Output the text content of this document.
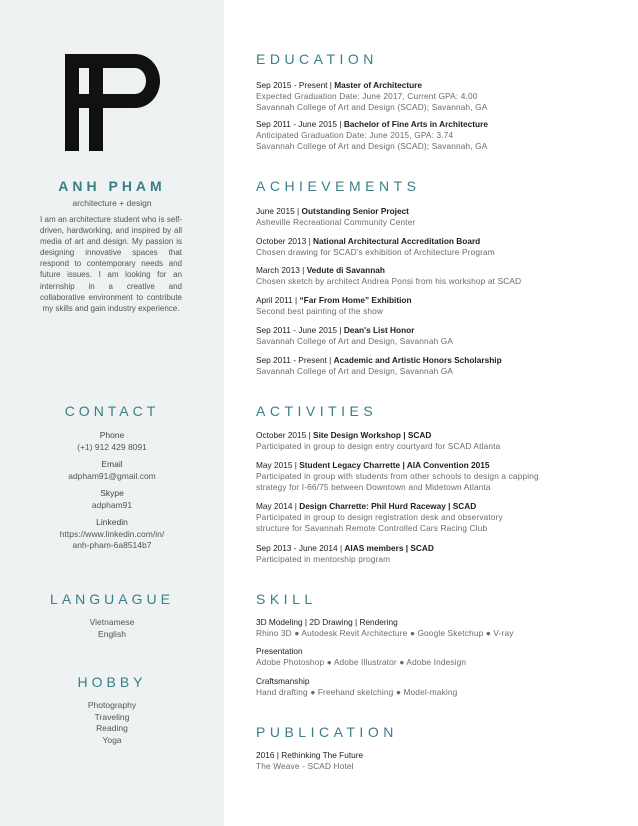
ANH PHAM
architecture + design
I am an architecture student who is self-driven, hardworking, and inspired by all media of art and design. My passion is designing innovative spaces that respond to contemporary needs and future issues. I am looking for an internship in a creative and collaborative environment to contribute my skills and gain industry experience.
CONTACT
Phone
(+1) 912 429 8091
Email
adpham91@gmail.com
Skype
adpham91
Linkedin
https://www.linkedin.com/in/
anh-pham-6a8514b7
LANGUAGUE
Vietnamese
English
HOBBY
Photography
Traveling
Reading
Yoga
EDUCATION
Sep 2015 - Present | Master of Architecture
Expected Graduation Date: June 2017, Current GPA: 4.00
Savannah College of Art and Design (SCAD); Savannah, GA
Sep 2011 - June 2015 | Bachelor of Fine Arts in Architecture
Anticipated Graduation Date: June 2015, GPA: 3.74
Savannah College of Art and Design (SCAD); Savannah, GA
ACHIEVEMENTS
June 2015 | Outstanding Senior Project
Asheville Recreational Community Center
October 2013 | National Architectural Accreditation Board
Chosen drawing for SCAD's exhibition of Architecture Program
March 2013 | Vedute di Savannah
Chosen sketch by architect Andrea Ponsi from his workshop at SCAD
April 2011 | “Far From Home” Exhibition
Second best painting of the show
Sep 2011 - June 2015 | Dean's List Honor
Savannah College of Art and Design, Savannah GA
Sep 2011 - Present | Academic and Artistic Honors Scholarship
Savannah College of Art and Design, Savannah GA
ACTIVITIES
October 2015 | Site Design Workshop | SCAD
Participated in group to design entry courtyard for SCAD Atlanta
May 2015 | Student Legacy Charrette | AIA Convention 2015
Participated in group with students from other schools to design a capping
strategy for I-66/75 between Downtown and Midetown Atlanta
May 2014 | Design Charrette: Phil Hurd Raceway | SCAD
Participated in group to design registration desk and observatory
structure for Savannah Remote Controlled Cars Racing Club
Sep 2013 - June 2014 | AIAS members | SCAD
Participated in mentorship program
SKILL
3D Modeling | 2D Drawing | Rendering
Rhino 3D ● Autodesk Revit Architecture ● Google Sketchup ● V-ray
Presentation
Adobe Photoshop ● Adobe Illustrator ● Adobe Indesign
Craftsmanship
Hand drafting ● Freehand sketching ● Model-making
PUBLICATION
2016 | Rethinking The Future
The Weave - SCAD Hotel
